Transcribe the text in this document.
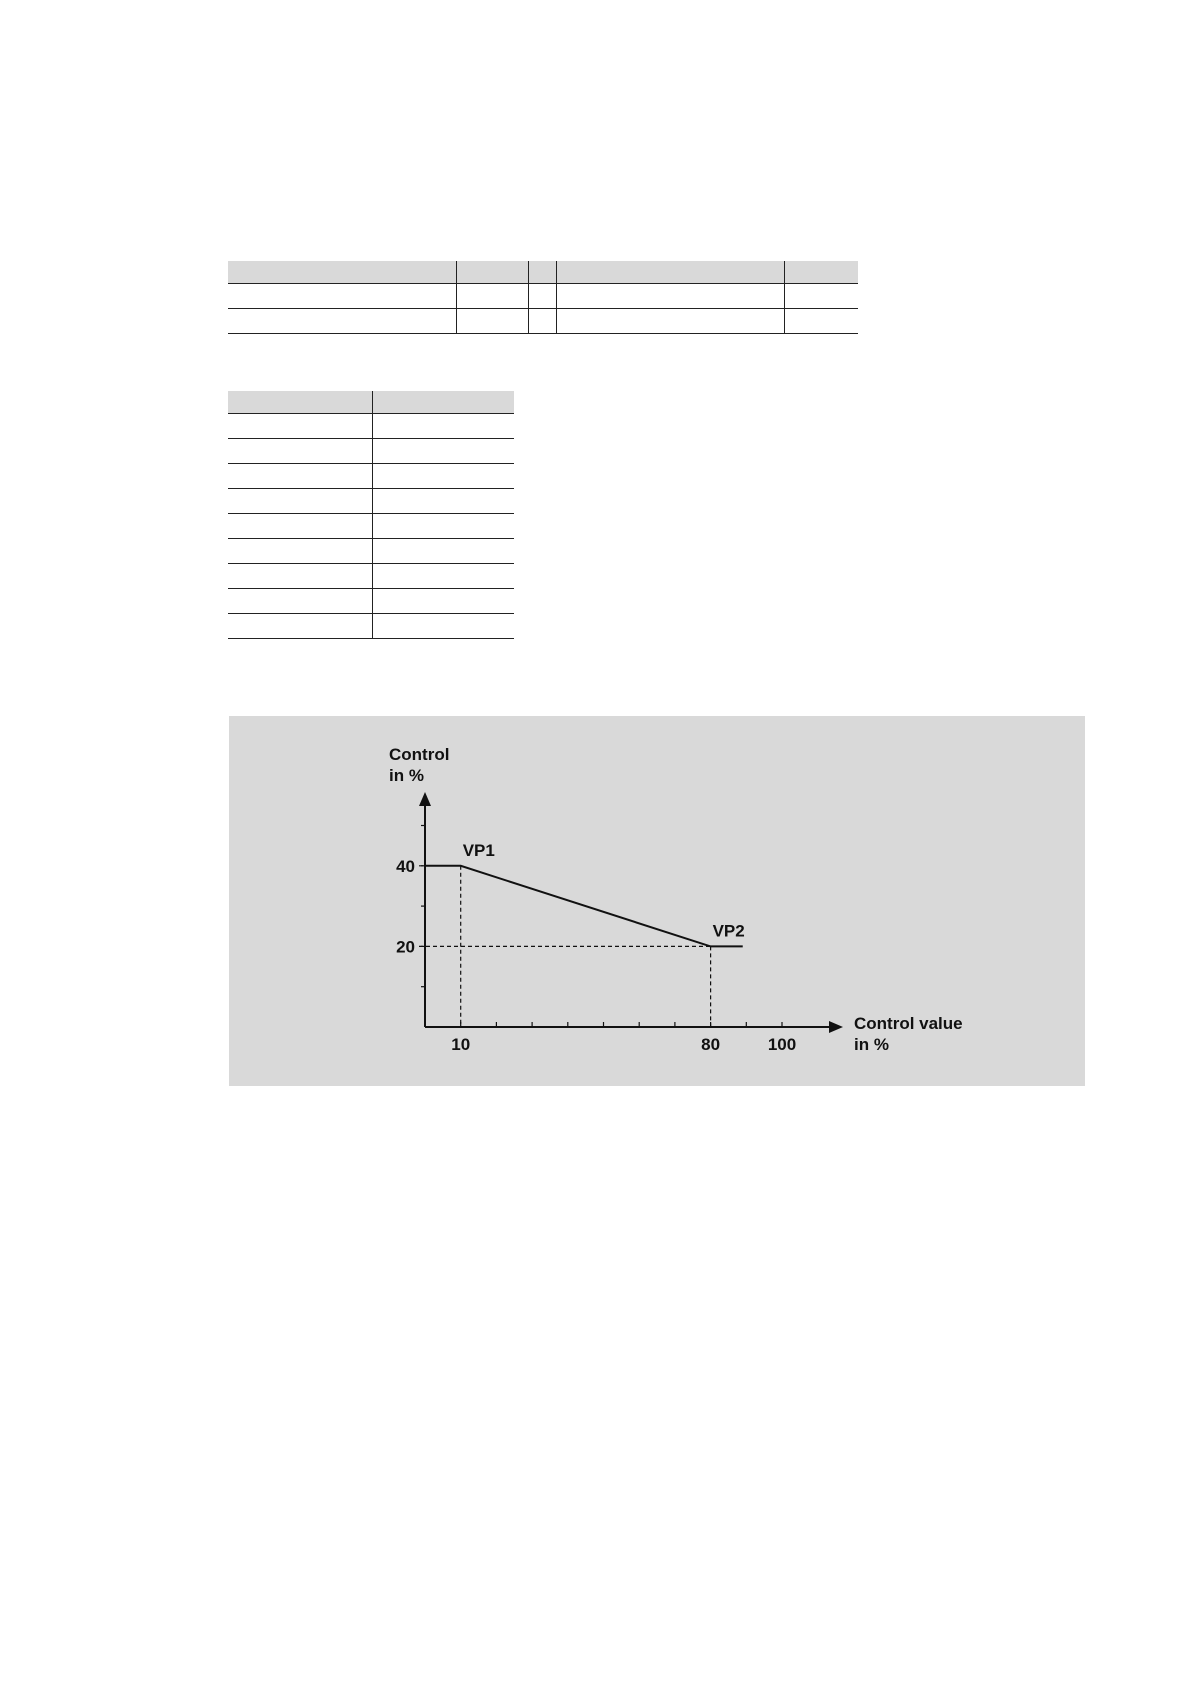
Control
in %
Control value
in %
10	80	100
20
40
VP1
VP2
